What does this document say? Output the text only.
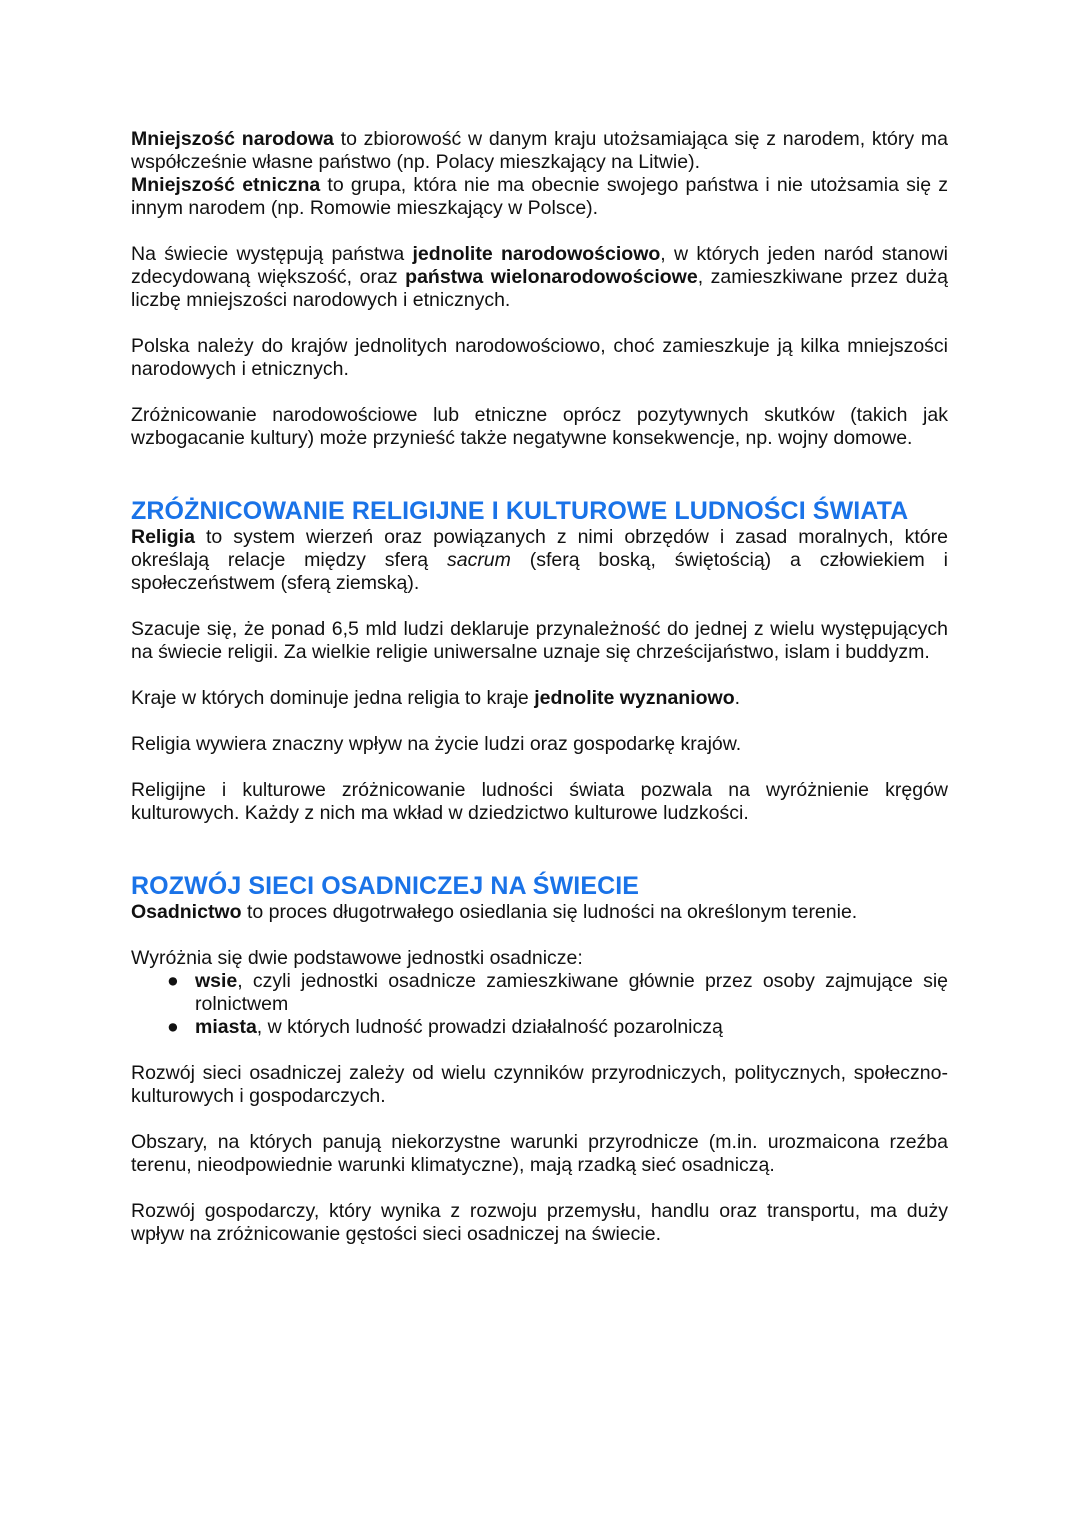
Mniejszość narodowa to zbiorowość w danym kraju utożsamiająca się z narodem, który ma współcześnie własne państwo (np. Polacy mieszkający na Litwie).

Mniejszość etniczna to grupa, która nie ma obecnie swojego państwa i nie utożsamia się z innym narodem (np. Romowie mieszkający w Polsce).

Na świecie występują państwa jednolite narodowościowo, w których jeden naród stanowi zdecydowaną większość, oraz państwa wielonarodowościowe, zamieszkiwane przez dużą liczbę mniejszości narodowych i etnicznych.

Polska należy do krajów jednolitych narodowościowo, choć zamieszkuje ją kilka mniejszości narodowych i etnicznych.

Zróżnicowanie narodowościowe lub etniczne oprócz pozytywnych skutków (takich jak wzbogacanie kultury) może przynieść także negatywne konsekwencje, np. wojny domowe.

ZRÓŻNICOWANIE RELIGIJNE I KULTUROWE LUDNOŚCI ŚWIATA

Religia to system wierzeń oraz powiązanych z nimi obrzędów i zasad moralnych, które określają relacje między sferą sacrum (sferą boską, świętością) a człowiekiem i społeczeństwem (sferą ziemską).

Szacuje się, że ponad 6,5 mld ludzi deklaruje przynależność do jednej z wielu występujących na świecie religii. Za wielkie religie uniwersalne uznaje się chrześcijaństwo, islam i buddyzm.

Kraje w których dominuje jedna religia to kraje jednolite wyznaniowo.

Religia wywiera znaczny wpływ na życie ludzi oraz gospodarkę krajów.

Religijne i kulturowe zróżnicowanie ludności świata pozwala na wyróżnienie kręgów kulturowych. Każdy z nich ma wkład w dziedzictwo kulturowe ludzkości.

ROZWÓJ SIECI OSADNICZEJ NA ŚWIECIE

Osadnictwo to proces długotrwałego osiedlania się ludności na określonym terenie.

Wyróżnia się dwie podstawowe jednostki osadnicze:

● wsie, czyli jednostki osadnicze zamieszkiwane głównie przez osoby zajmujące się rolnictwem
● miasta, w których ludność prowadzi działalność pozarolniczą

Rozwój sieci osadniczej zależy od wielu czynników przyrodniczych, politycznych, społeczno-kulturowych i gospodarczych.

Obszary, na których panują niekorzystne warunki przyrodnicze (m.in. urozmaicona rzeźba terenu, nieodpowiednie warunki klimatyczne), mają rzadką sieć osadniczą.

Rozwój gospodarczy, który wynika z rozwoju przemysłu, handlu oraz transportu, ma duży wpływ na zróżnicowanie gęstości sieci osadniczej na świecie.
